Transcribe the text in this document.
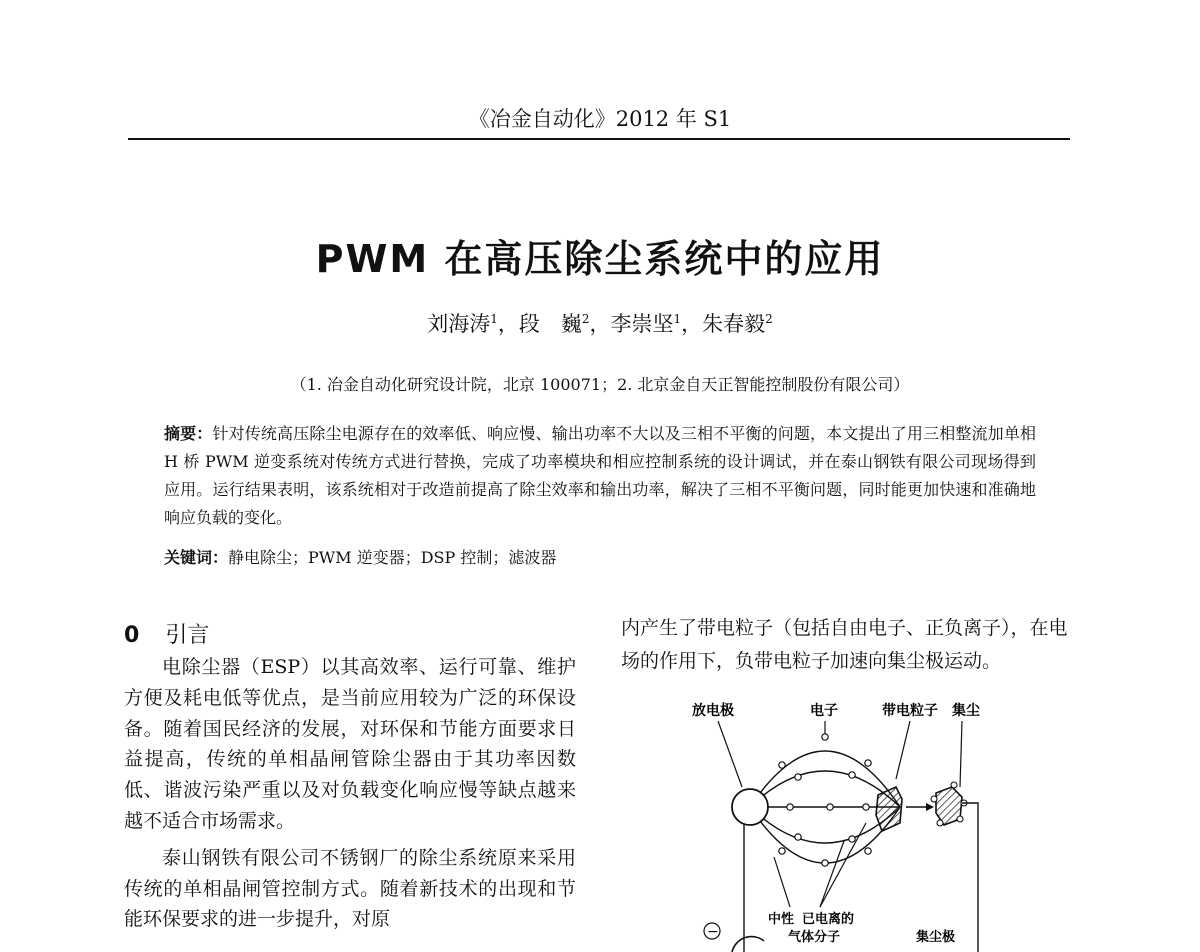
《冶金自动化》2012 年 S1
PWM 在高压除尘系统中的应用
刘海涛$^1$，段　巍$^2$，李崇坚$^1$，朱春毅$^2$
（1. 冶金自动化研究设计院，北京 100071；2. 北京金自天正智能控制股份有限公司）
摘要：针对传统高压除尘电源存在的效率低、响应慢、输出功率不大以及三相不平衡的问题，本文提出了用三相整流加单相 H 桥 PWM 逆变系统对传统方式进行替换，完成了功率模块和相应控制系统的设计调试，并在泰山钢铁有限公司现场得到应用。运行结果表明，该系统相对于改造前提高了除尘效率和输出功率，解决了三相不平衡问题，同时能更加快速和准确地响应负载的变化。
关键词：静电除尘；PWM 逆变器；DSP 控制；滤波器
0 引言

电除尘器（ESP）以其高效率、运行可靠、维护方便及耗电低等优点，是当前应用较为广泛的环保设备。随着国民经济的发展，对环保和节能方面要求日益提高，传统的单相晶闸管除尘器由于其功率因数低、谐波污染严重以及对负载变化响应慢等缺点越来越不适合市场需求。

泰山钢铁有限公司不锈钢厂的除尘系统原来采用传统的单相晶闸管控制方式。随着新技术的出现和节能环保要求的进一步提升，对原

内产生了带电粒子（包括自由电子、正负离子），在电场的作用下，负带电粒子加速向集尘极运动。
放电极	电子	带电粒子 集尘
中性 已电离的
气体分子	集尘极
−
